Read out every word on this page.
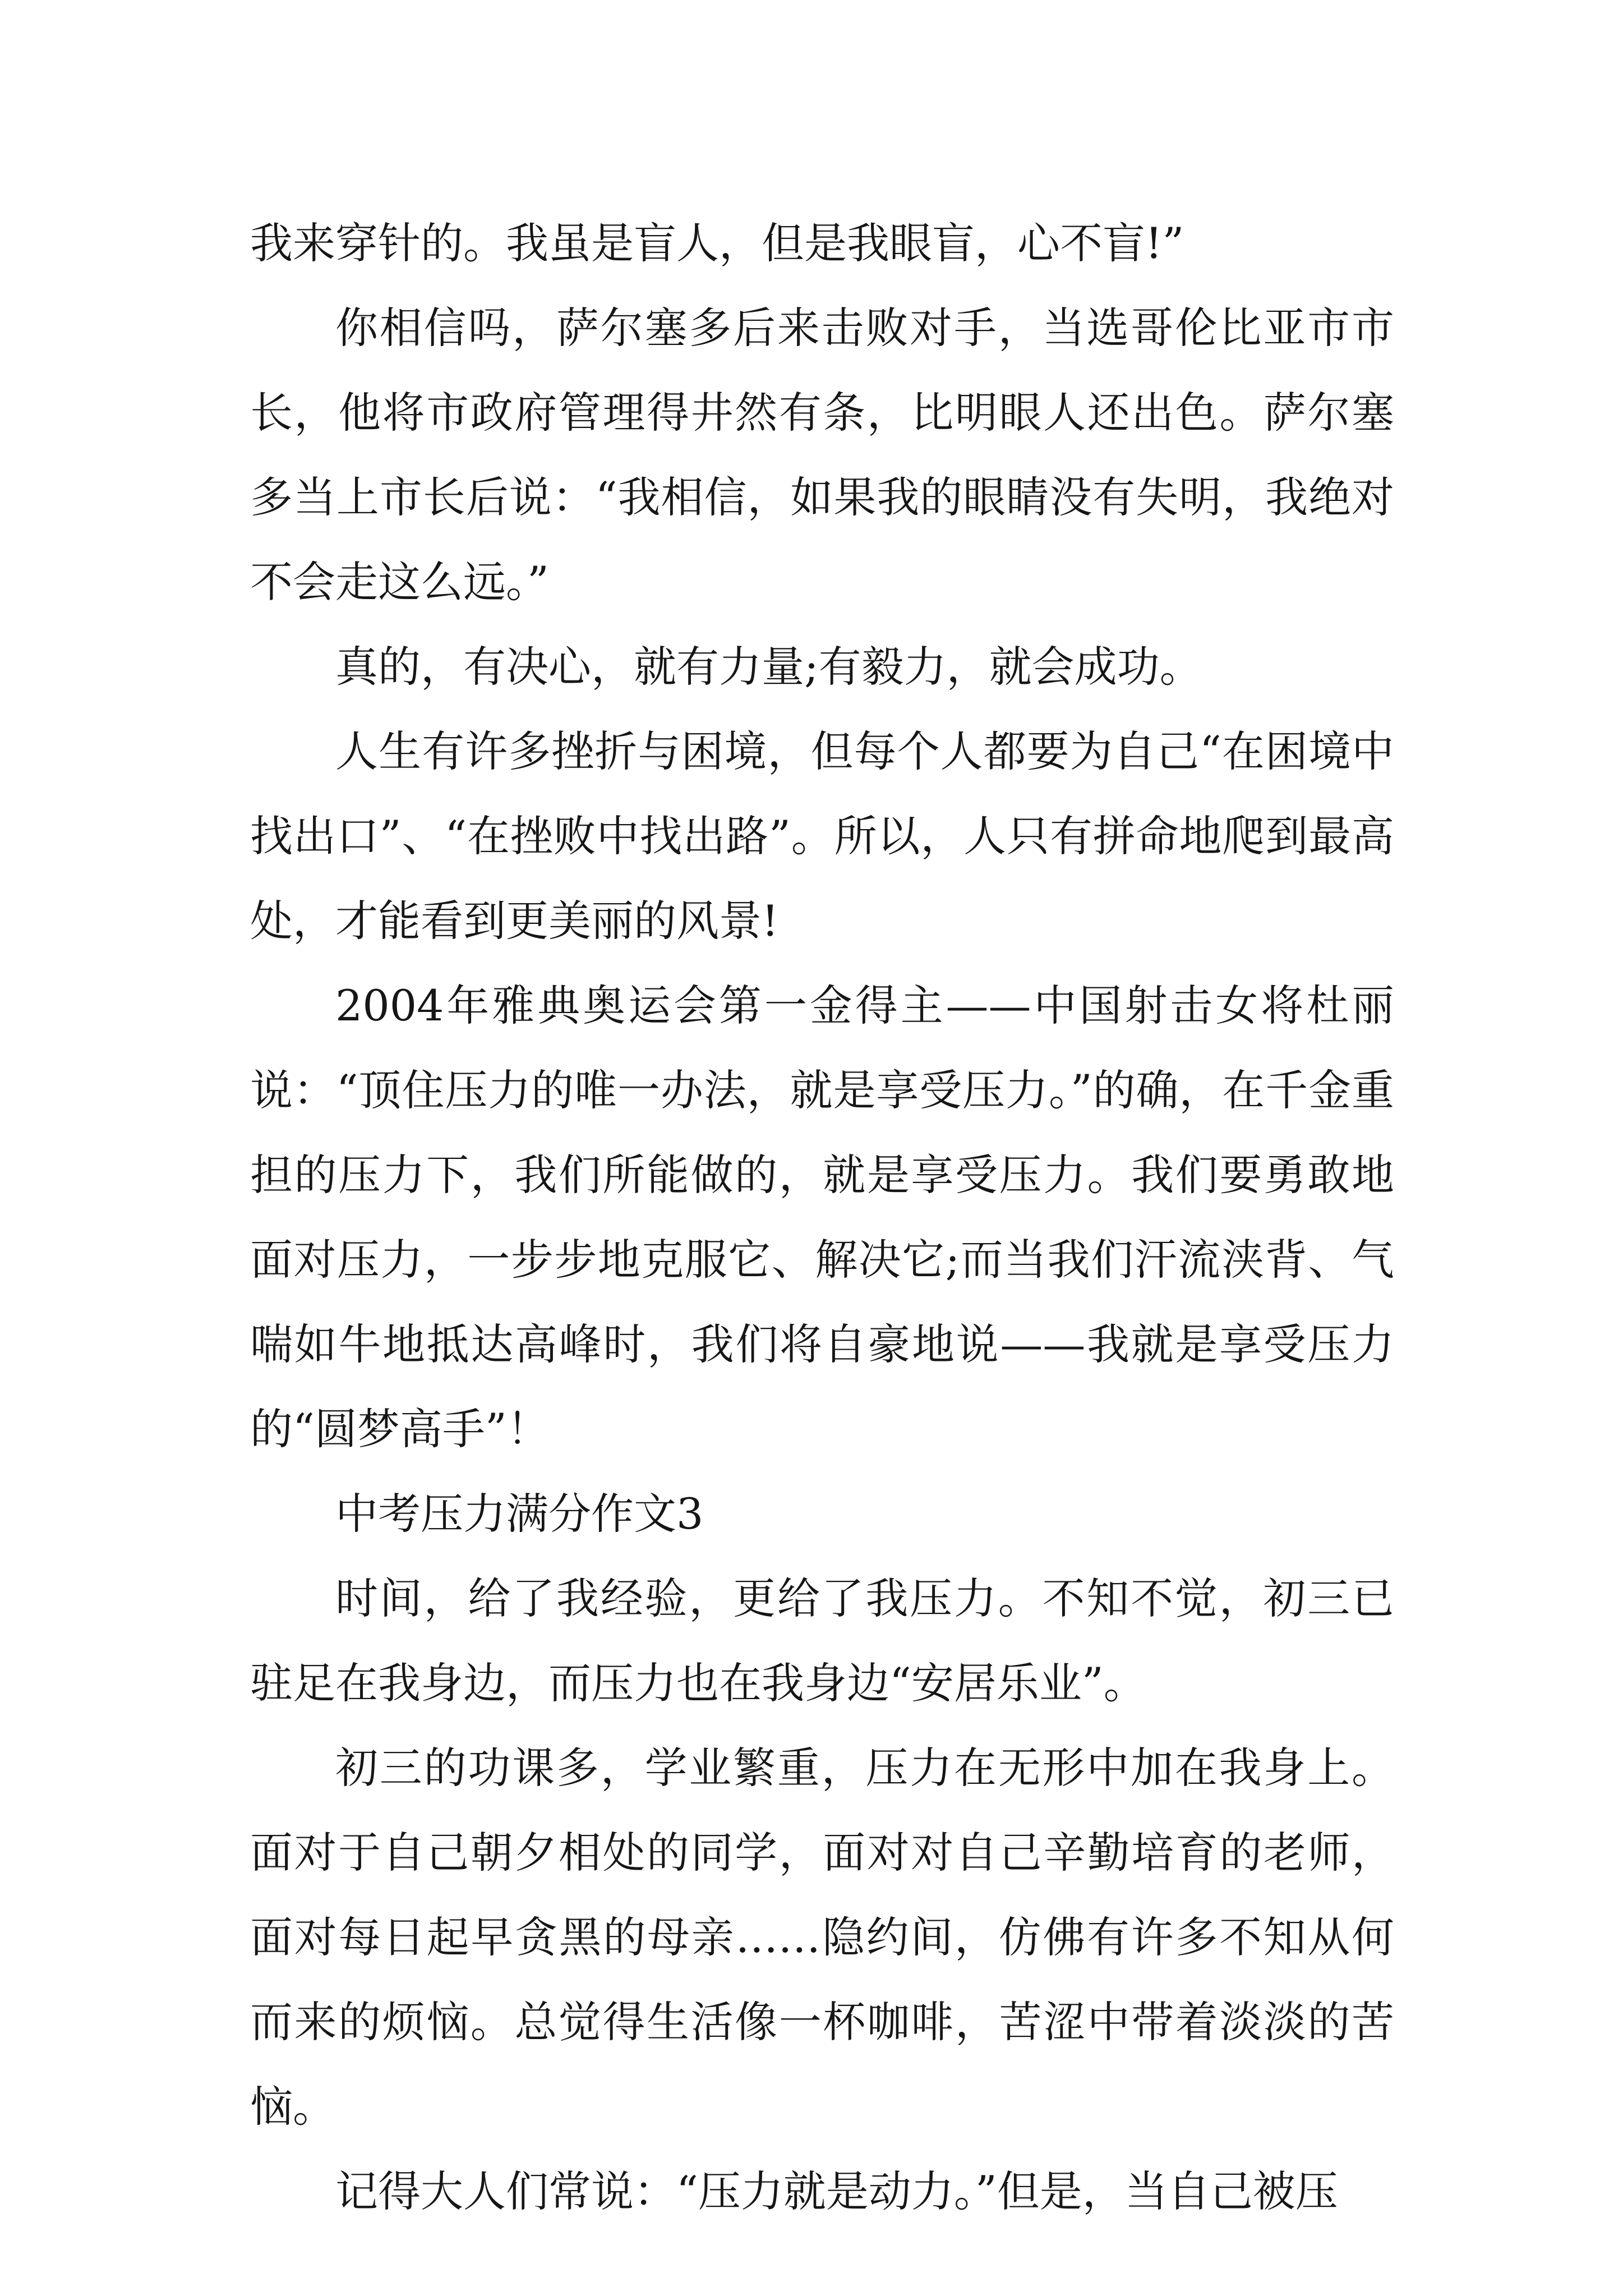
我来穿针的。我虽是盲人，但是我眼盲，心不盲!”

你相信吗，萨尔塞多后来击败对手，当选哥伦比亚市市长，他将市政府管理得井然有条，比明眼人还出色。萨尔塞多当上市长后说：“我相信，如果我的眼睛没有失明，我绝对不会走这么远。”

真的，有决心，就有力量;有毅力，就会成功。

人生有许多挫折与困境，但每个人都要为自己“在困境中找出口”、“在挫败中找出路”。所以，人只有拼命地爬到最高处，才能看到更美丽的风景!

2004年雅典奥运会第一金得主——中国射击女将杜丽说：“顶住压力的唯一办法，就是享受压力。”的确，在千金重担的压力下，我们所能做的，就是享受压力。我们要勇敢地面对压力，一步步地克服它、解决它;而当我们汗流浃背、气喘如牛地抵达高峰时，我们将自豪地说——我就是享受压力的“圆梦高手”！

中考压力满分作文3

时间，给了我经验，更给了我压力。不知不觉，初三已驻足在我身边，而压力也在我身边“安居乐业”。

初三的功课多，学业繁重，压力在无形中加在我身上。面对于自己朝夕相处的同学，面对对自己辛勤培育的老师，面对每日起早贪黑的母亲……隐约间，仿佛有许多不知从何而来的烦恼。总觉得生活像一杯咖啡，苦涩中带着淡淡的苦恼。

记得大人们常说：“压力就是动力。”但是，当自己被压
